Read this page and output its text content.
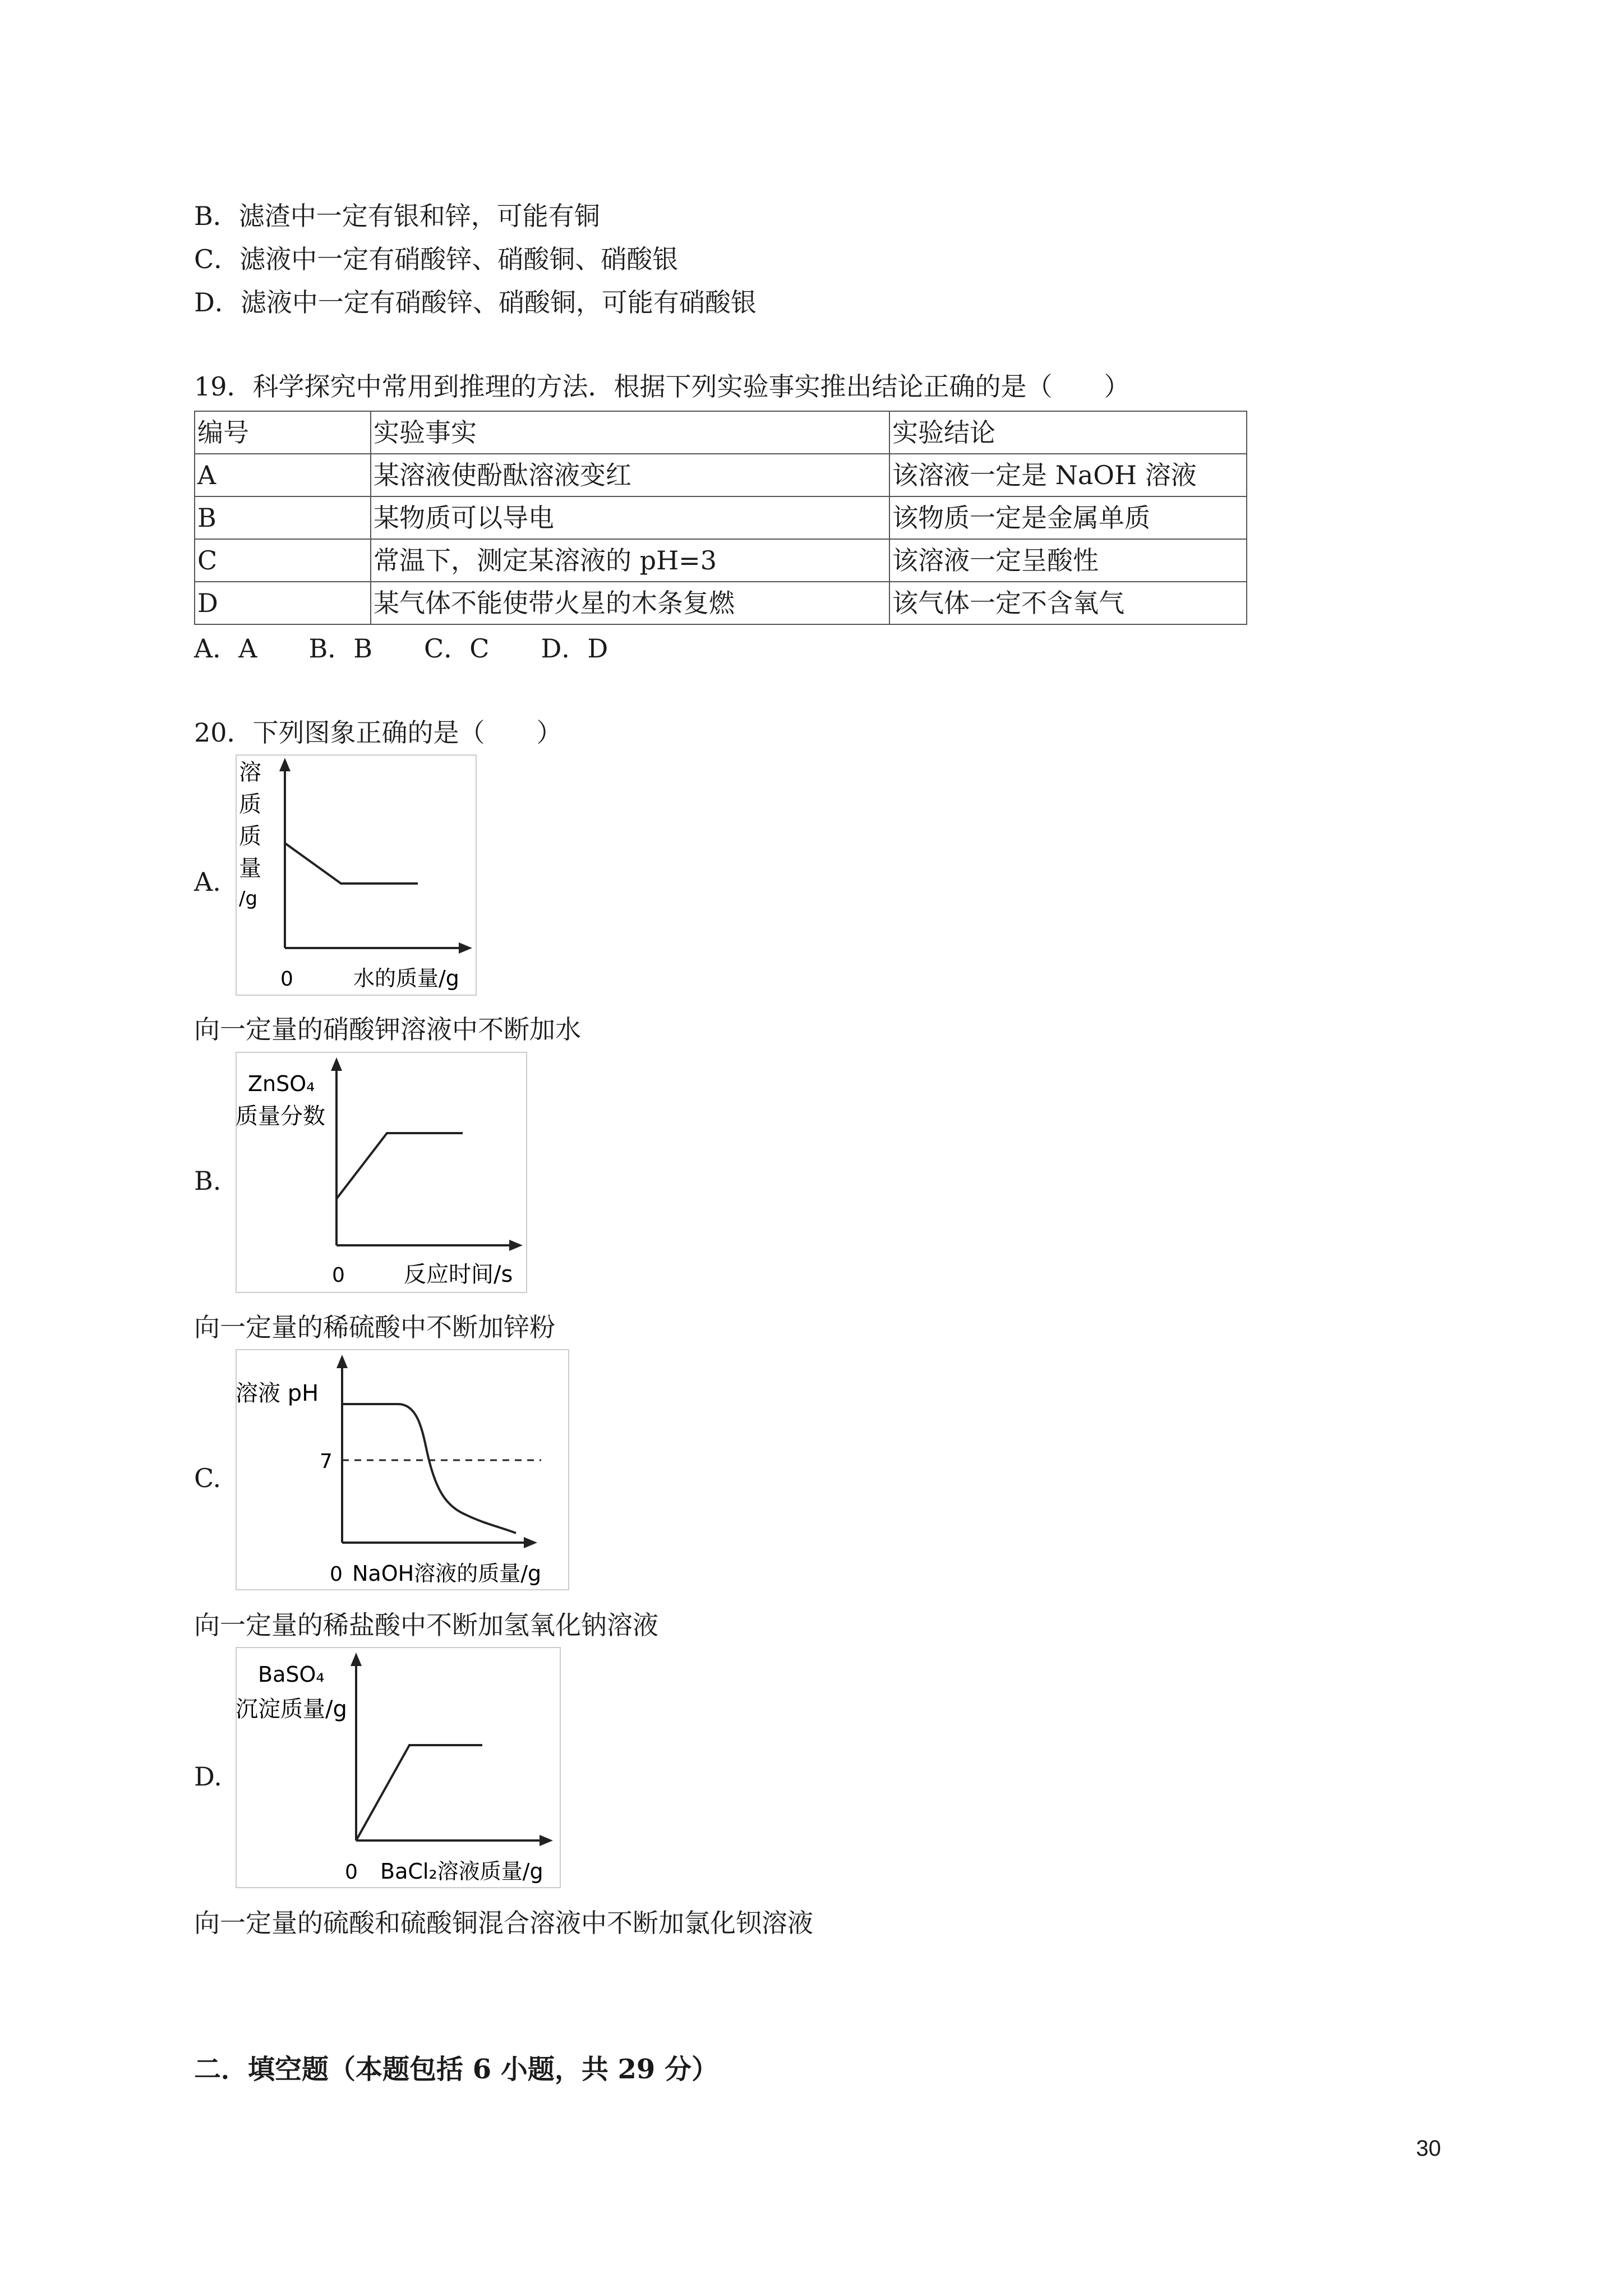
B．滤渣中一定有银和锌，可能有铜
C．滤液中一定有硝酸锌、硝酸铜、硝酸银
D．滤液中一定有硝酸锌、硝酸铜，可能有硝酸银
19．科学探究中常用到推理的方法．根据下列实验事实推出结论正确的是（　　）
编号	实验事实	实验结论
A	某溶液使酚酞溶液变红	该溶液一定是 NaOH 溶液
B	某物质可以导电	该物质一定是金属单质
C	常温下，测定某溶液的 pH=3	该溶液一定呈酸性
D	某气体不能使带火星的木条复燃	该气体一定不含氧气
A．A　　B．B　　C．C　　D．D
20．下列图象正确的是（　　）
A.
溶
质
质
量
/g
0	水的质量/g
向一定量的硝酸钾溶液中不断加水
B.
ZnSO₄
质量分数
0	反应时间/s
向一定量的稀硫酸中不断加锌粉
C.
溶液 pH
7
0 NaOH溶液的质量/g
向一定量的稀盐酸中不断加氢氧化钠溶液
D.
BaSO₄
沉淀质量/g
0 BaCl₂溶液质量/g
向一定量的硫酸和硫酸铜混合溶液中不断加氯化钡溶液
二．填空题（本题包括 6 小题，共 29 分）
30
